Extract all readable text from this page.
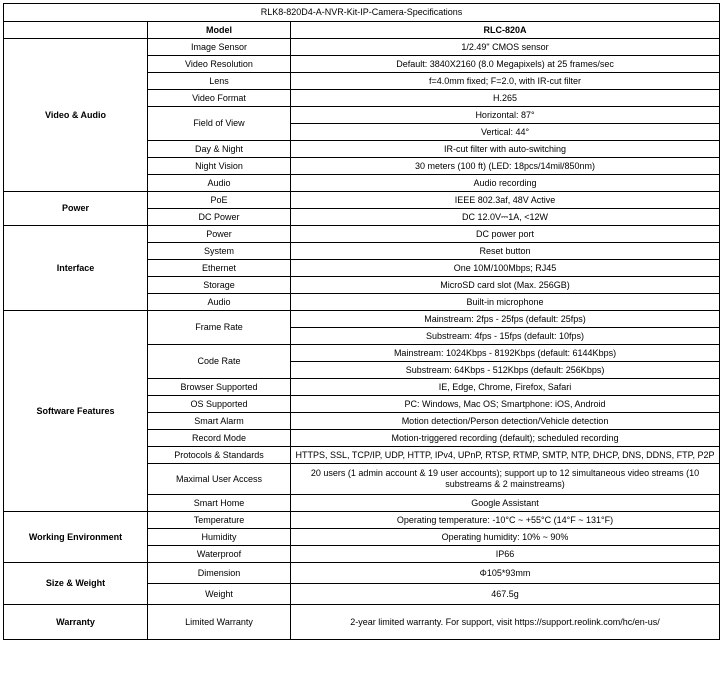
RLK8-820D4-A-NVR-Kit-IP-Camera-Specifications		
	Model	RLC-820A
Video & Audio	Image Sensor	1/2.49" CMOS sensor
	Video Resolution	Default: 3840X2160 (8.0 Megapixels) at 25 frames/sec
	Lens	f=4.0mm fixed; F=2.0, with IR-cut filter
	Video Format	H.265
	Field of View	Horizontal: 87°
		Vertical: 44°
	Day & Night	IR-cut filter with auto-switching
	Night Vision	30 meters (100 ft) (LED: 18pcs/14mil/850nm)
	Audio	Audio recording
Power	PoE	IEEE 802.3af, 48V Active
	DC Power	DC 12.0V⎓1A, <12W
Interface	Power	DC power port
	System	Reset button
	Ethernet	One 10M/100Mbps; RJ45
	Storage	MicroSD card slot (Max. 256GB)
	Audio	Built-in microphone
Software Features	Frame Rate	Mainstream: 2fps - 25fps (default: 25fps)
		Substream: 4fps - 15fps (default: 10fps)
	Code Rate	Mainstream: 1024Kbps - 8192Kbps (default: 6144Kbps)
		Substream: 64Kbps - 512Kbps (default: 256Kbps)
	Browser Supported	IE, Edge, Chrome, Firefox, Safari
	OS Supported	PC: Windows, Mac OS; Smartphone: iOS, Android
	Smart Alarm	Motion detection/Person detection/Vehicle detection
	Record Mode	Motion-triggered recording (default); scheduled recording
	Protocols & Standards	HTTPS, SSL, TCP/IP, UDP, HTTP, IPv4, UPnP, RTSP, RTMP, SMTP, NTP, DHCP, DNS, DDNS, FTP, P2P
	Maximal User Access	20 users (1 admin account & 19 user accounts); support up to 12 simultaneous video streams (10 substreams & 2 mainstreams)
	Smart Home	Google Assistant
Working Environment	Temperature	Operating temperature: -10°C ~ +55°C (14°F ~ 131°F)
	Humidity	Operating humidity: 10% ~ 90%
	Waterproof	IP66
Size & Weight	Dimension	Φ105*93mm
	Weight	467.5g
Warranty	Limited Warranty	2-year limited warranty. For support, visit https://support.reolink.com/hc/en-us/
